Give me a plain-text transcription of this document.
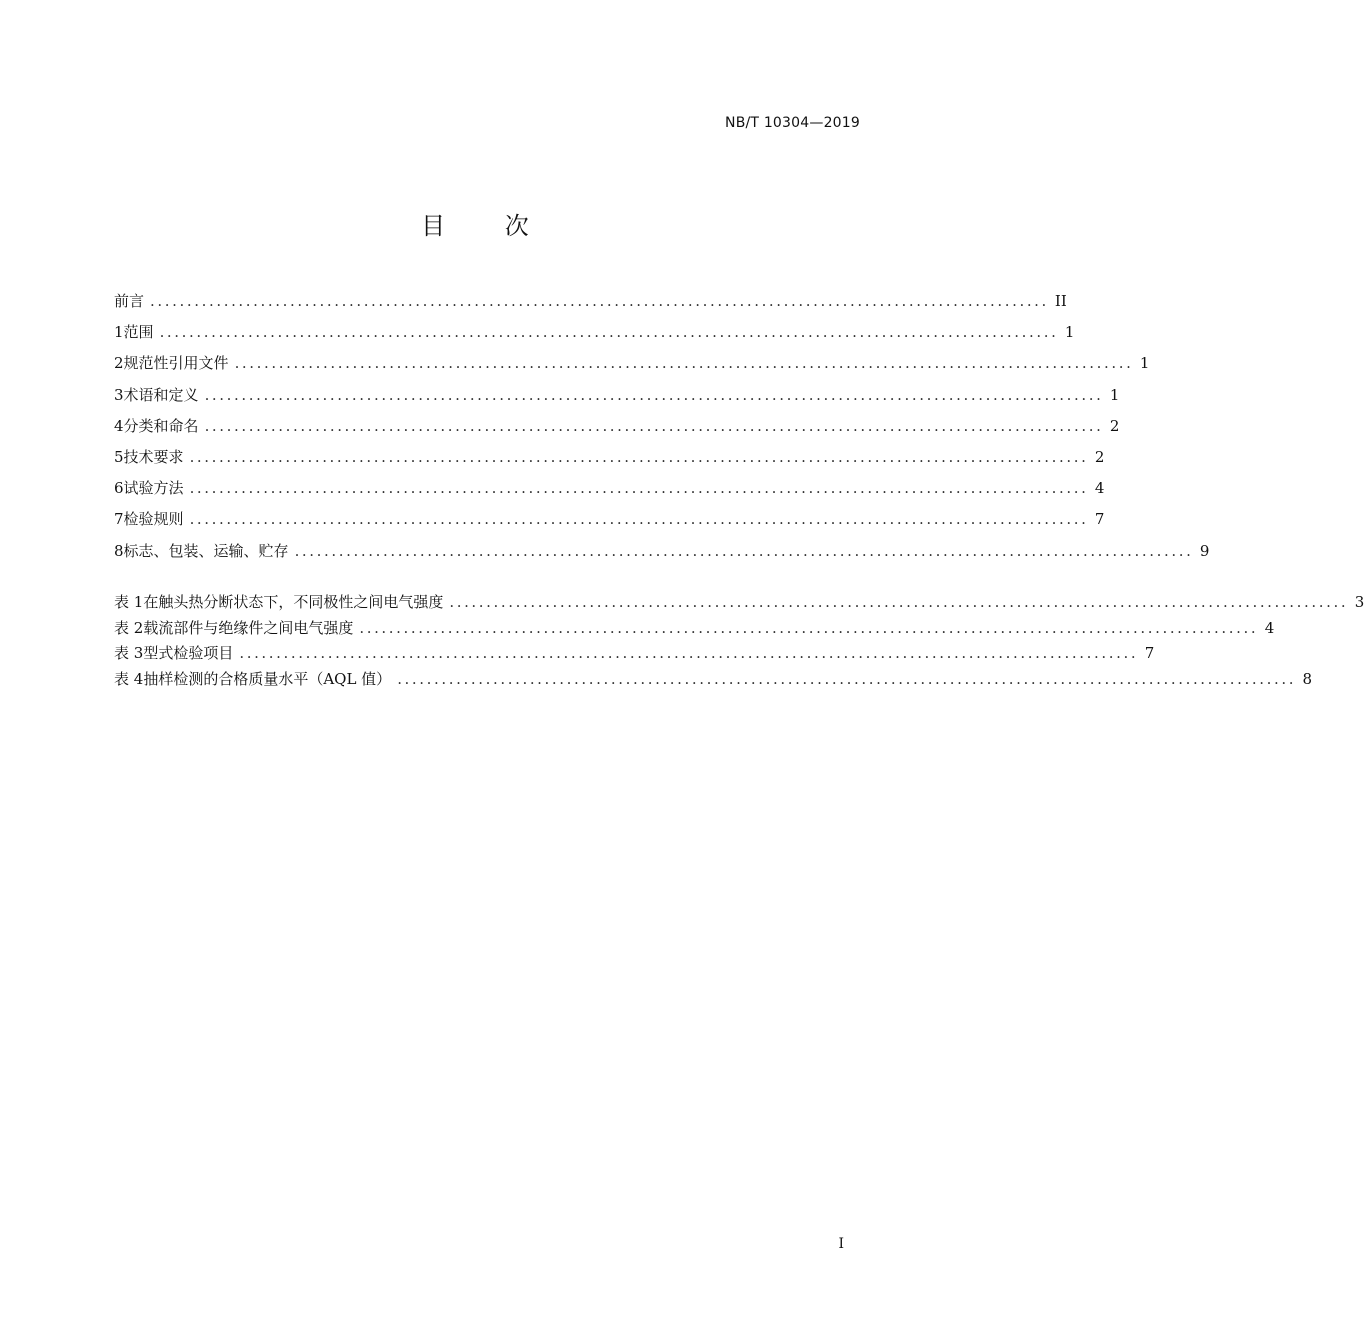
NB/T 10304—2019
目 次
前言 .......................................................................................................................... II
1 范围 .......................................................................................................................... 1
2 规范性引用文件 .......................................................................................................................... 1
3 术语和定义 .......................................................................................................................... 1
4 分类和命名 .......................................................................................................................... 2
5 技术要求 .......................................................................................................................... 2
6 试验方法 .......................................................................................................................... 4
7 检验规则 .......................................................................................................................... 7
8 标志、包装、运输、贮存 .......................................................................................................................... 9
表 1 在触头热分断状态下，不同极性之间电气强度 .......................................................................................................................... 3
表 2 载流部件与绝缘件之间电气强度 .......................................................................................................................... 4
表 3 型式检验项目 .......................................................................................................................... 7
表 4 抽样检测的合格质量水平（AQL 值） .......................................................................................................................... 8
I
